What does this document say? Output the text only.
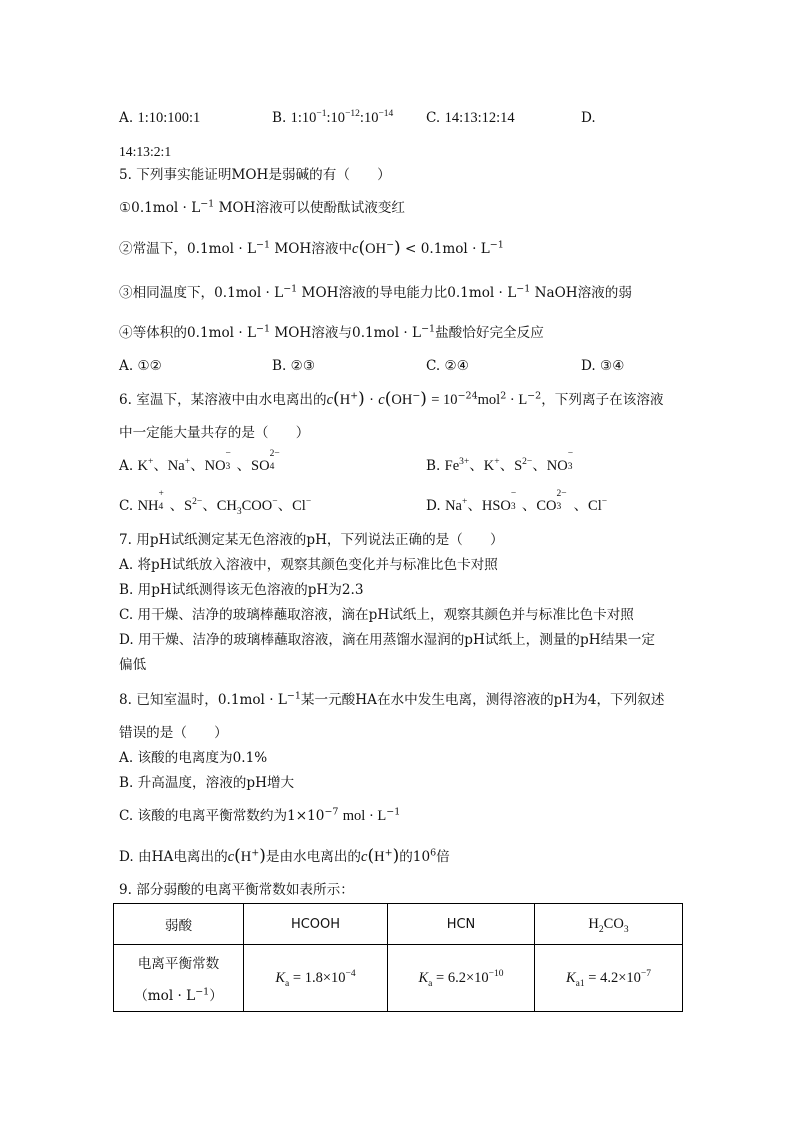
A. 1:10:100:1	B. $1:10^{-1}:10^{-12}:10^{-14}$ C. 14:13:12:14	D.
14:13:2:1
5. 下列事实能证明MOH是弱碱的有（　　）
①0.1mol · $L^{-1}$ MOH溶液可以使酚酞试液变红
②常温下，$0.1mol \cdot L^{-1}$ MOH溶液中$c(OH^-) < 0.1mol \cdot L^{-1}$
③相同温度下，$0.1mol \cdot L^{-1}$ MOH溶液的导电能力比$0.1mol \cdot L^{-1}$ NaOH溶液的弱
④等体积的$0.1mol \cdot L^{-1}$ MOH溶液与$0.1mol \cdot L^{-1}$盐酸恰好完全反应
A. ①②	B. ②③	C. ②④	D. ③④
6. 室温下，某溶液中由水电离出的$c(H^+) \cdot c(OH^-) = 10^{-24}mol^2 \cdot L^{-2}$，下列离子在该溶液
中一定能大量共存的是（　　）
A. K+、Na+、NO
−
3 、SO
2−
4	B. $Fe^{3+}$、K+、$S^{2-}$、NO
−
3
C. NH
+
4 、$S^{2-}$、$CH_3COO^-$、Cl−	D. Na+、HSO
−
3 、CO
2−
3 、Cl−
7. 用pH试纸测定某无色溶液的pH，下列说法正确的是（　　）
A. 将pH试纸放入溶液中，观察其颜色变化并与标准比色卡对照
B. 用pH试纸测得该无色溶液的pH为2.3
C. 用干燥、洁净的玻璃棒蘸取溶液，滴在pH试纸上，观察其颜色并与标准比色卡对照
D. 用干燥、洁净的玻璃棒蘸取溶液，滴在用蒸馏水湿润的pH试纸上，测量的pH结果一定
偏低
8. 已知室温时，$0.1mol \cdot L^{-1}$某一元酸HA在水中发生电离，测得溶液的pH为4，下列叙述
错误的是（　　）
A. 该酸的电离度为0.1%
B. 升高温度，溶液的pH增大
C. 该酸的电离平衡常数约为$1\times 10^{-7}$ mol · $L^{-1}$
D. 由HA电离出的c(H+)是由水电离出的c(H+)的$10^6$倍
9. 部分弱酸的电离平衡常数如表所示：
弱酸	HCOOH	HCN	$H_2CO_3$

电离平衡常数
$(mol \cdot L^{-1})$	$K_a = 1.8\times 10^{-4}$	$K_a = 6.2\times 10^{-10}$	$K_{a1} = 4.2\times 10^{-7}$
